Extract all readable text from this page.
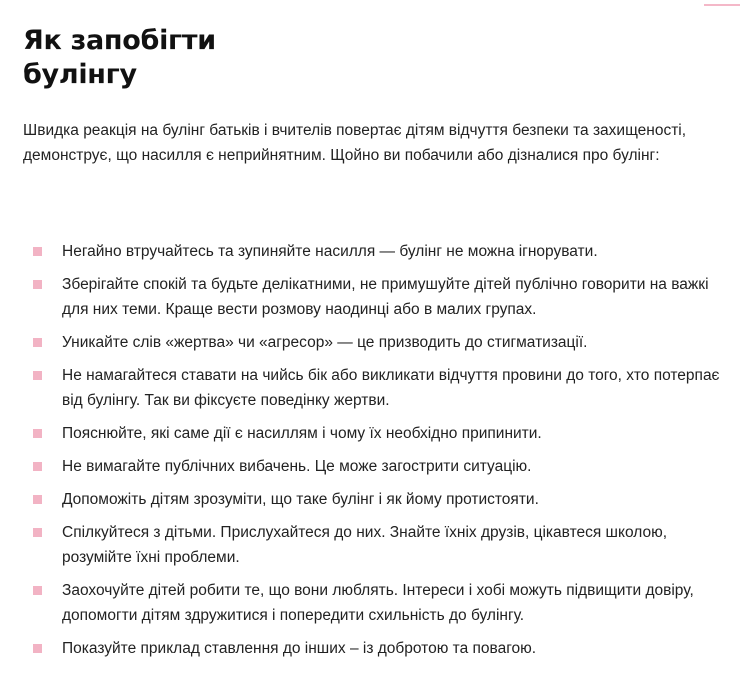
Як запобігти
булінгу

Швидка реакція на булінг батьків і вчителів повертає дітям відчуття безпеки та захищеності, демонструє, що насилля є неприйнятним. Щойно ви побачили або дізналися про булінг:

Негайно втручайтесь та зупиняйте насилля — булінг не можна ігнорувати.
Зберігайте спокій та будьте делікатними, не примушуйте дітей публічно говорити на важкі для них теми. Краще вести розмову наодинці або в малих групах.
Уникайте слів «жертва» чи «агресор» — це призводить до стигматизації.
Не намагайтеся ставати на чийсь бік або викликати відчуття провини до того, хто потерпає від булінгу. Так ви фіксуєте поведінку жертви.
Пояснюйте, які саме дії є насиллям і чому їх необхідно припинити.
Не вимагайте публічних вибачень. Це може загострити ситуацію.
Допоможіть дітям зрозуміти, що таке булінг і як йому протистояти.
Спілкуйтеся з дітьми. Прислухайтеся до них. Знайте їхніх друзів, цікавтеся школою, розумійте їхні проблеми.
Заохочуйте дітей робити те, що вони люблять. Інтереси і хобі можуть підвищити довіру, допомогти дітям здружитися і попередити схильність до булінгу.
Показуйте приклад ставлення до інших – із добротою та повагою.
